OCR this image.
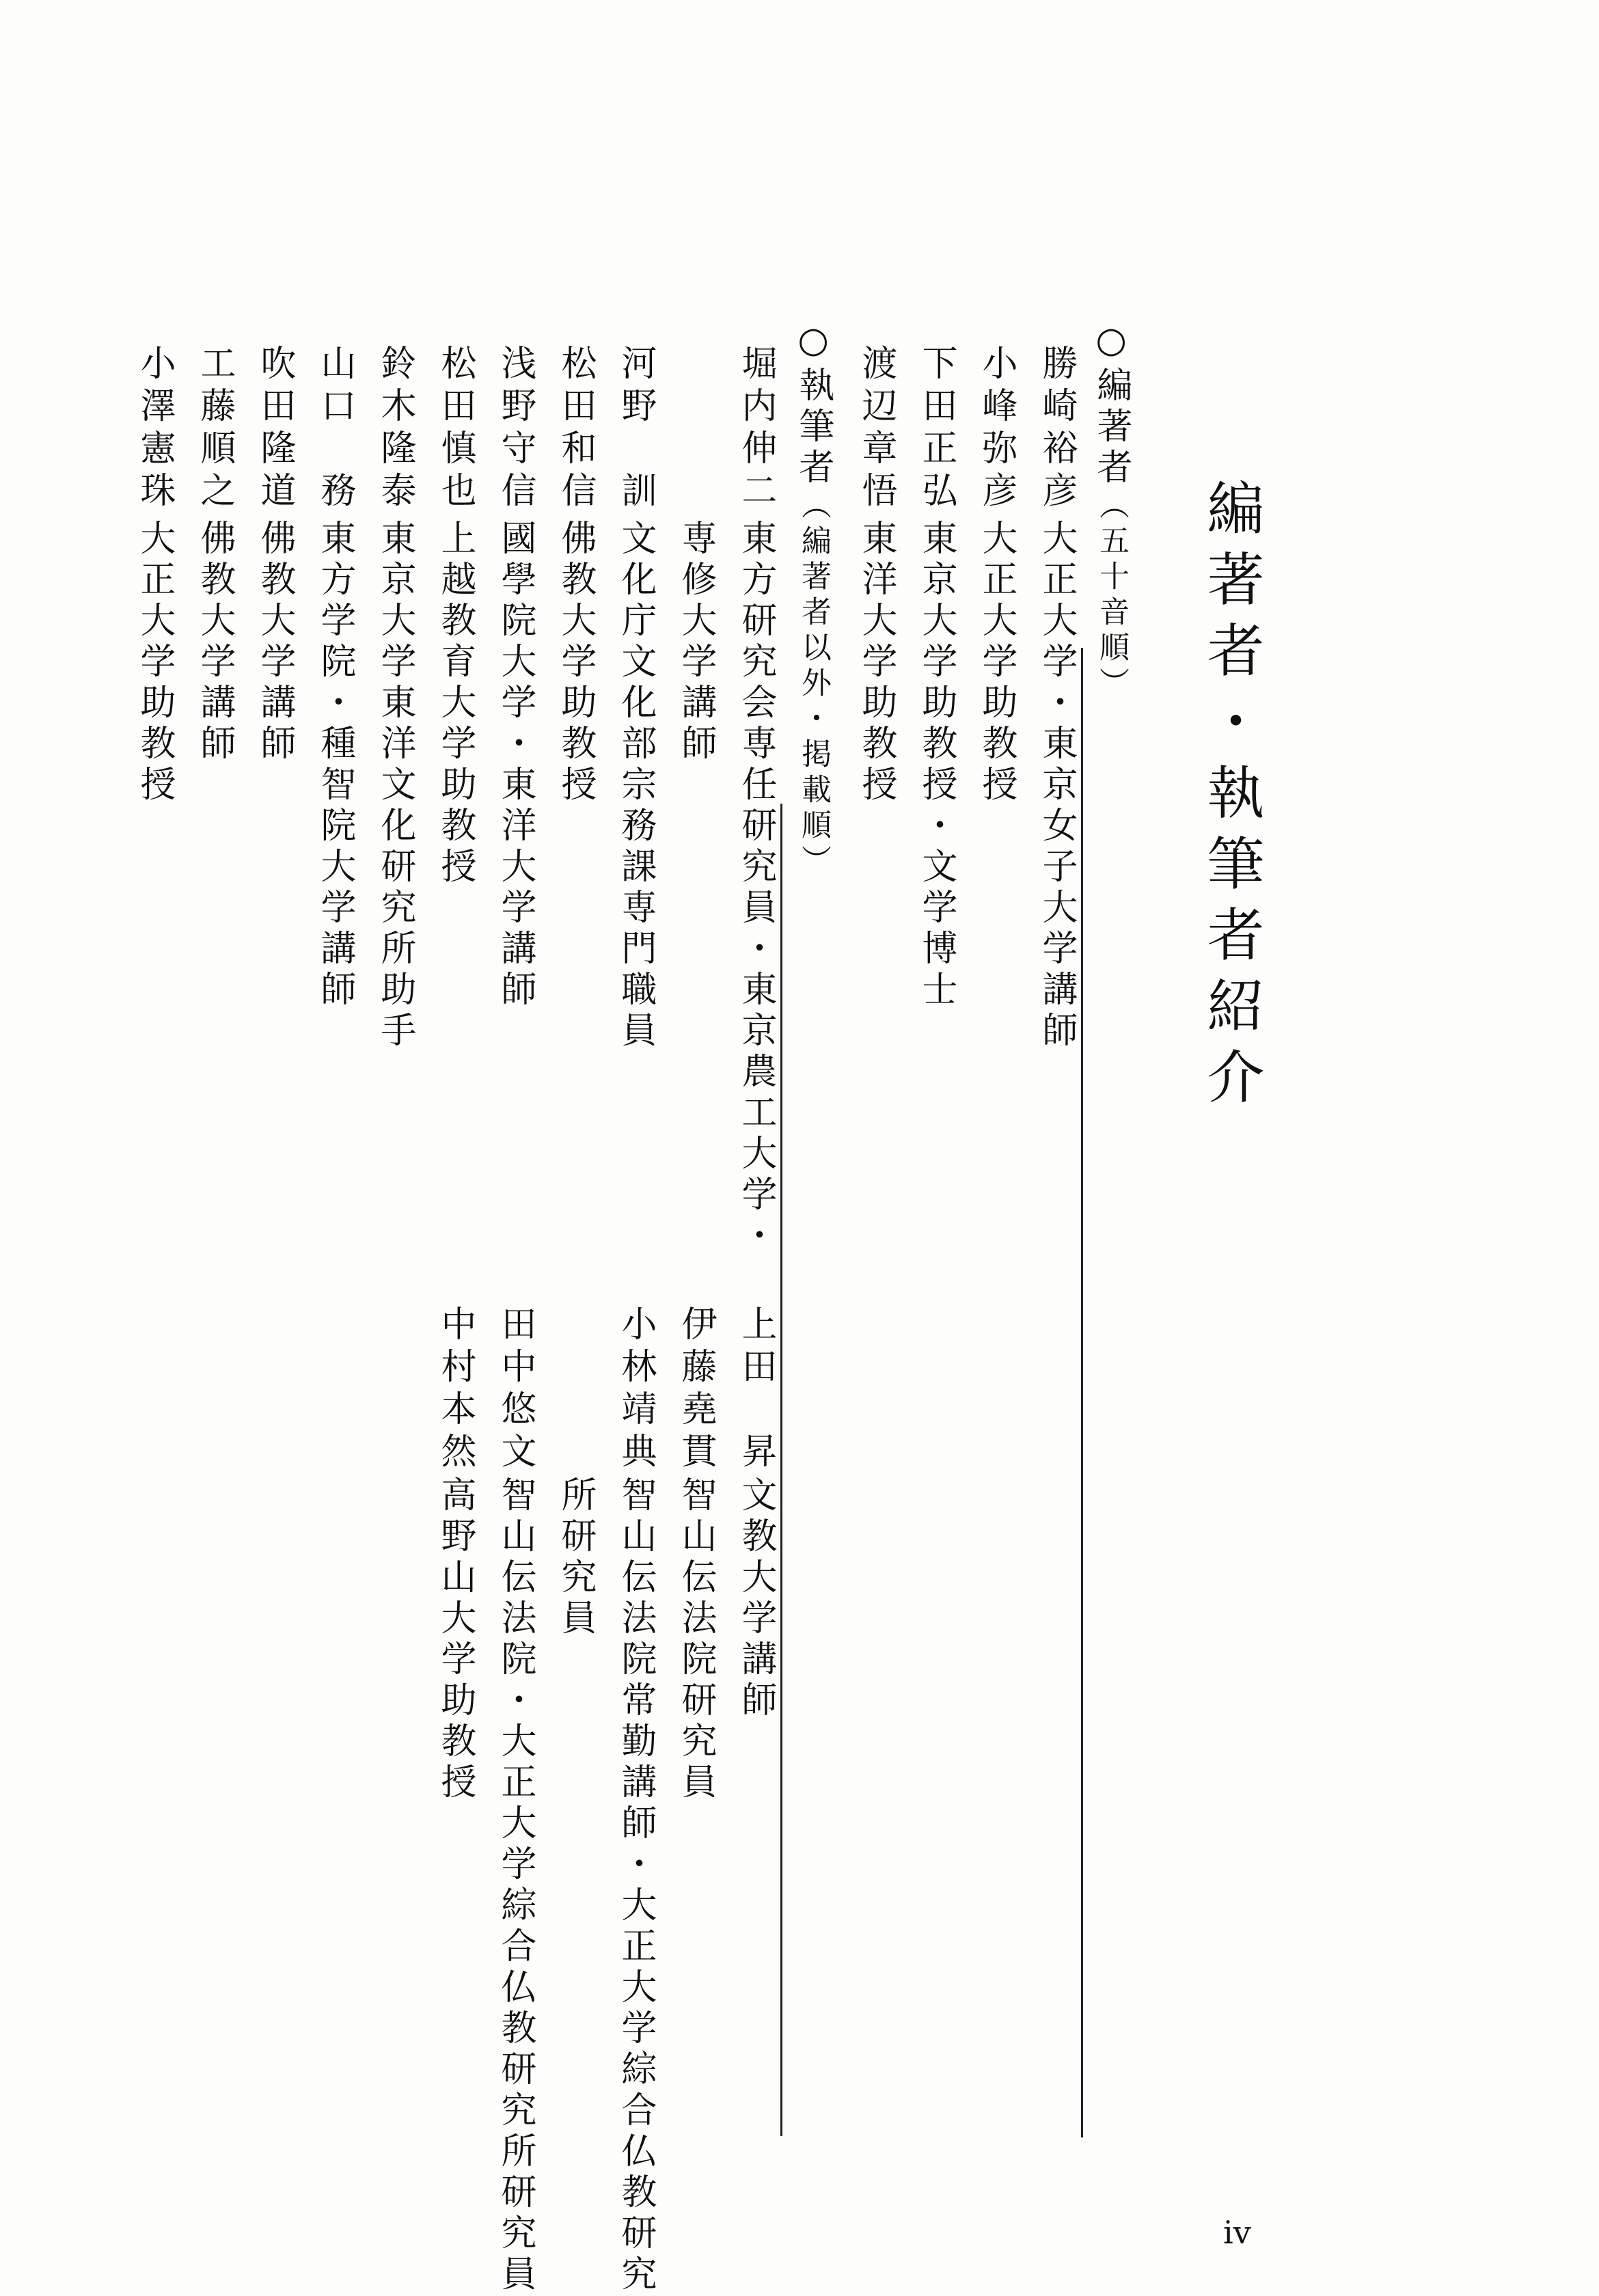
編著者・執筆者紹介
○編著者（五十音順）
勝崎裕彦
大正大学・東京女子大学講師
小峰弥彦
大正大学助教授
下田正弘
東京大学助教授・文学博士
渡辺章悟
東洋大学助教授
○執筆者（編著者以外・掲載順）
堀内伸二
東方研究会専任研究員・東京農工大学・
専修大学講師
河野　訓
文化庁文化部宗務課専門職員
松田和信
佛教大学助教授
浅野守信
國學院大学・東洋大学講師
松田慎也
上越教育大学助教授
鈴木隆泰
東京大学東洋文化研究所助手
山口　務
東方学院・種智院大学講師
吹田隆道
佛教大学講師
工藤順之
佛教大学講師
小澤憲珠
大正大学助教授
上田　昇
文教大学講師
伊藤堯貫
智山伝法院研究員
小林靖典
智山伝法院常勤講師・大正大学綜合仏教研究
所研究員
田中悠文
智山伝法院・大正大学綜合仏教研究所研究員
中村本然
高野山大学助教授
iv
